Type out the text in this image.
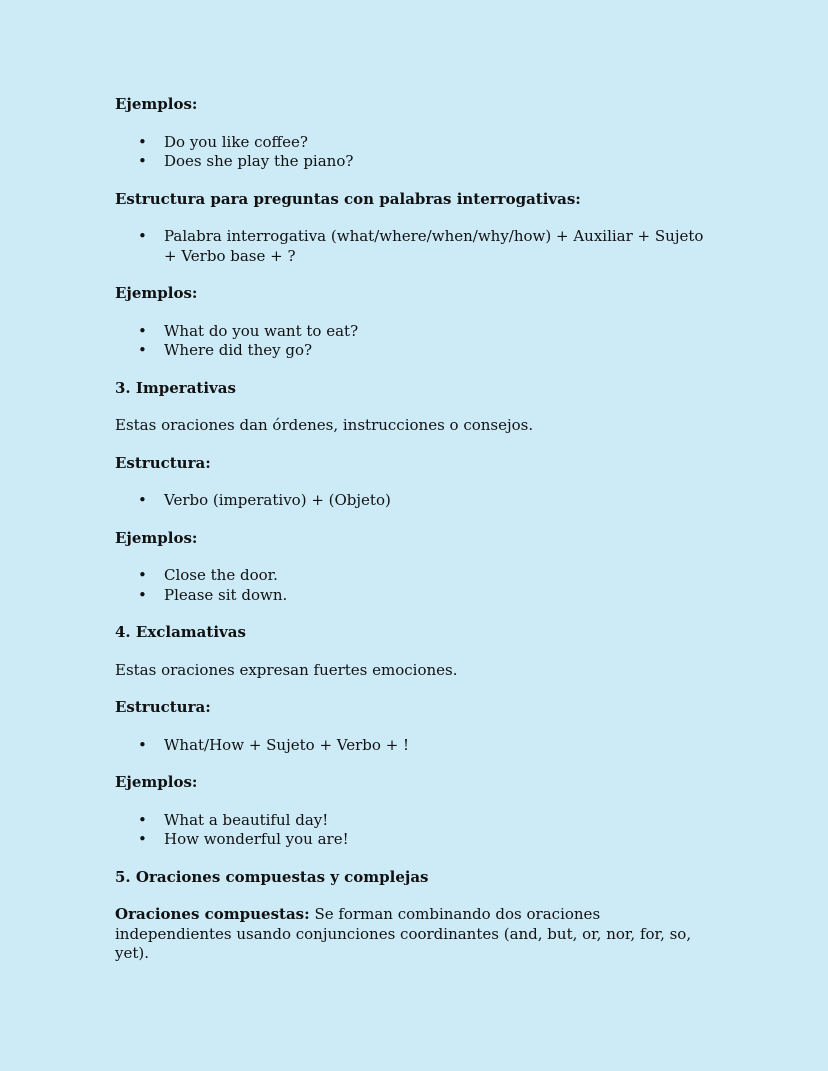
Ejemplos:

• Do you like coffee?
• Does she play the piano?

Estructura para preguntas con palabras interrogativas:

• Palabra interrogativa (what/where/when/why/how) + Auxiliar + Sujeto + Verbo base + ?

Ejemplos:

• What do you want to eat?
• Where did they go?

3. Imperativas

Estas oraciones dan órdenes, instrucciones o consejos.

Estructura:

• Verbo (imperativo) + (Objeto)

Ejemplos:

• Close the door.
• Please sit down.

4. Exclamativas

Estas oraciones expresan fuertes emociones.

Estructura:

• What/How + Sujeto + Verbo + !

Ejemplos:

• What a beautiful day!
• How wonderful you are!

5. Oraciones compuestas y complejas

Oraciones compuestas: Se forman combinando dos oraciones independientes usando conjunciones coordinantes (and, but, or, nor, for, so, yet).
